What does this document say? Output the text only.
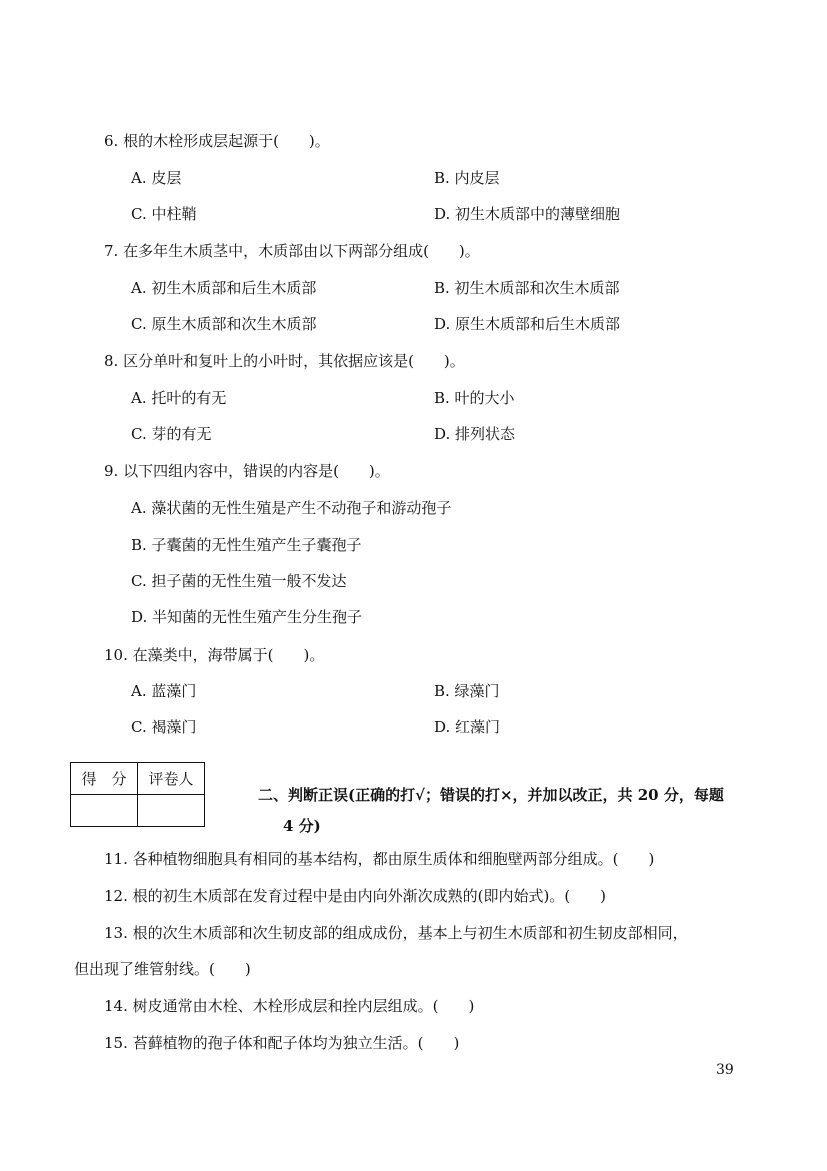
6. 根的木栓形成层起源于(　　)。
A. 皮层	B. 内皮层
C. 中柱鞘	D. 初生木质部中的薄壁细胞
7. 在多年生木质茎中，木质部由以下两部分组成(　　)。
A. 初生木质部和后生木质部	B. 初生木质部和次生木质部
C. 原生木质部和次生木质部	D. 原生木质部和后生木质部
8. 区分单叶和复叶上的小叶时，其依据应该是(　　)。
A. 托叶的有无	B. 叶的大小
C. 芽的有无	D. 排列状态
9. 以下四组内容中，错误的内容是(　　)。
A. 藻状菌的无性生殖是产生不动孢子和游动孢子
B. 子囊菌的无性生殖产生子囊孢子
C. 担子菌的无性生殖一般不发达
D. 半知菌的无性生殖产生分生孢子
10. 在藻类中，海带属于(　　)。
A. 蓝藻门	B. 绿藻门
C. 褐藻门	D. 红藻门
得　分	评卷人

二、判断正误(正确的打√；错误的打×，并加以改正，共 20 分，每题
4 分)
11. 各种植物细胞具有相同的基本结构，都由原生质体和细胞壁两部分组成。(　　)
12. 根的初生木质部在发育过程中是由内向外渐次成熟的(即内始式)。(　　)
13. 根的次生木质部和次生韧皮部的组成成份，基本上与初生木质部和初生韧皮部相同，
但出现了维管射线。(　　)
14. 树皮通常由木栓、木栓形成层和拴内层组成。(　　)
15. 苔藓植物的孢子体和配子体均为独立生活。(　　)
39
